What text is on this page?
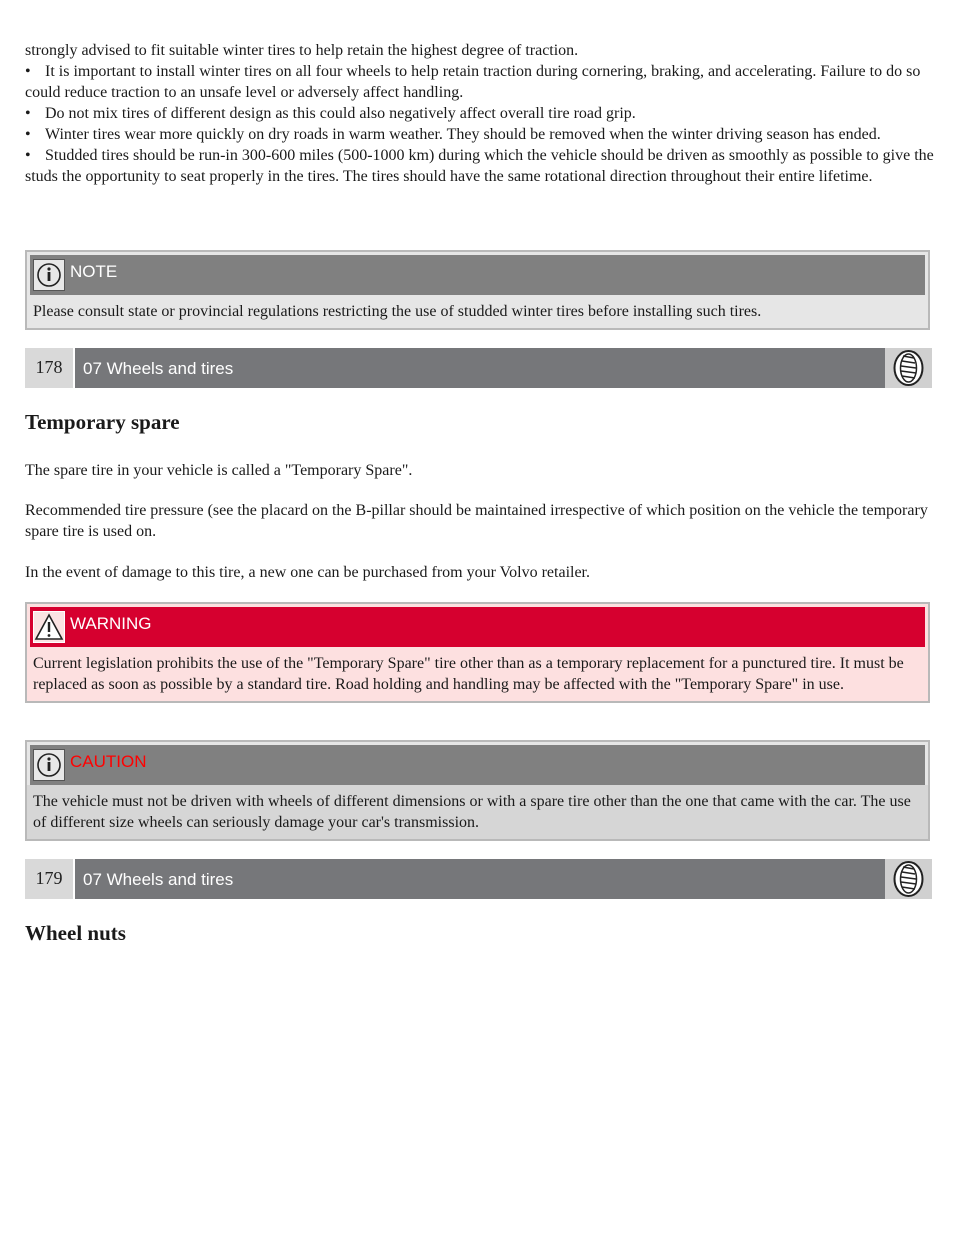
strongly advised to fit suitable winter tires to help retain the highest degree of traction.

• It is important to install winter tires on all four wheels to help retain traction during cornering, braking, and accelerating. Failure to do so could reduce traction to an unsafe level or adversely affect handling.

• Do not mix tires of different design as this could also negatively affect overall tire road grip.

• Winter tires wear more quickly on dry roads in warm weather. They should be removed when the winter driving season has ended.

• Studded tires should be run-in 300-600 miles (500-1000 km) during which the vehicle should be driven as smoothly as possible to give the studs the opportunity to seat properly in the tires. The tires should have the same rotational direction throughout their entire lifetime.

NOTE
Please consult state or provincial regulations restricting the use of studded winter tires before installing such tires.
178	07 Wheels and tires
Temporary spare

The spare tire in your vehicle is called a "Temporary Spare".

Recommended tire pressure (see the placard on the B-pillar should be maintained irrespective of which position on the vehicle the temporary spare tire is used on.

In the event of damage to this tire, a new one can be purchased from your Volvo retailer.

WARNING
Current legislation prohibits the use of the "Temporary Spare" tire other than as a temporary replacement for a punctured tire. It must be replaced as soon as possible by a standard tire. Road holding and handling may be affected with the "Temporary Spare" in use.
CAUTION
The vehicle must not be driven with wheels of different dimensions or with a spare tire other than the one that came with the car. The use of different size wheels can seriously damage your car's transmission.
179	07 Wheels and tires
Wheel nuts
